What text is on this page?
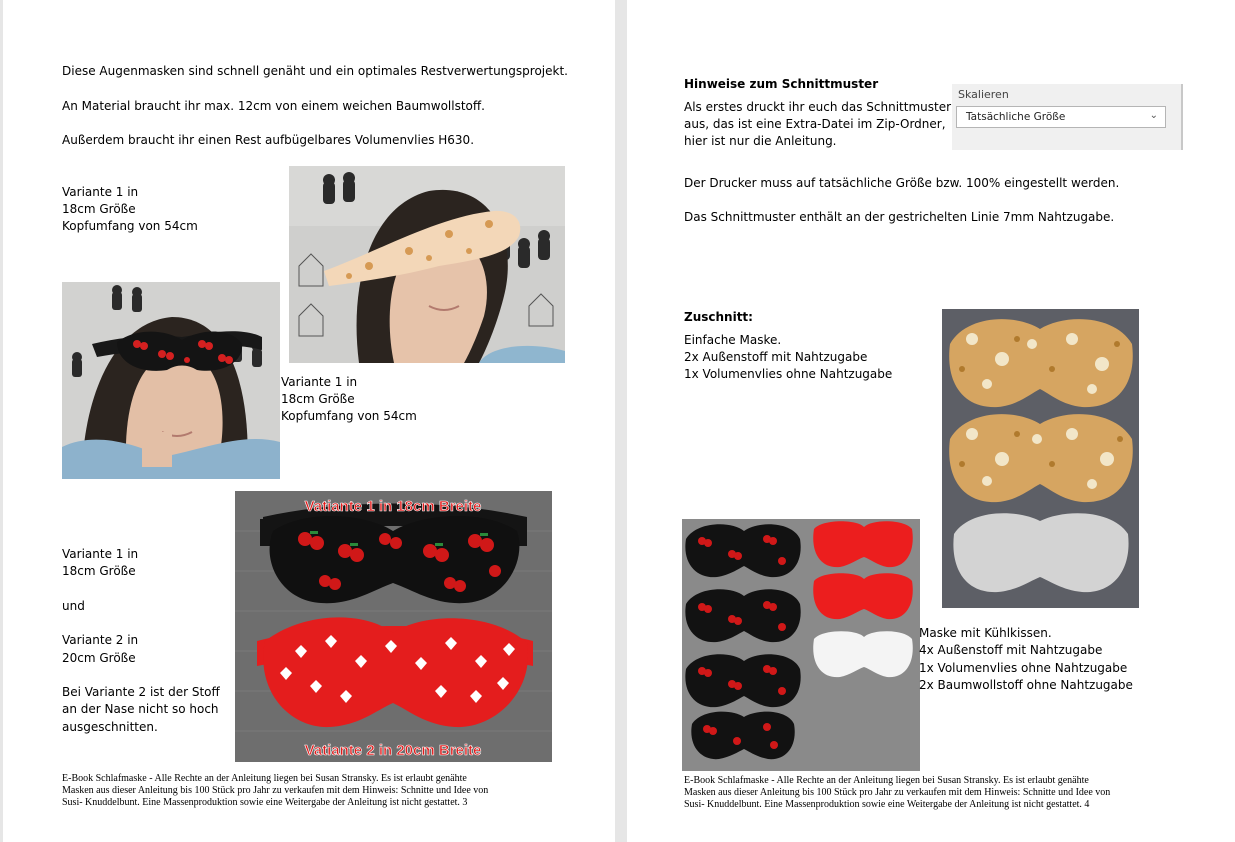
Diese Augenmasken sind schnell genäht und ein optimales Restverwertungsprojekt.
An Material braucht ihr max. 12cm von einem weichen Baumwollstoff.
Außerdem braucht ihr einen Rest aufbügelbares Volumenvlies H630.
Variante 1 in
18cm Größe
Kopfumfang von 54cm
Variante 1 in
18cm Größe
Kopfumfang von 54cm
Vatiante 1 in 18cm Breite
Vatiante 2 in 20cm Breite
Variante 1 in
18cm Größe
und
Variante 2 in
20cm Größe
Bei Variante 2 ist der Stoff
an der Nase nicht so hoch
ausgeschnitten.
E-Book Schlafmaske - Alle Rechte an der Anleitung liegen bei Susan Stransky. Es ist erlaubt genähte
Masken aus dieser Anleitung bis 100 Stück pro Jahr zu verkaufen mit dem Hinweis: Schnitte und Idee von
Susi- Knuddelbunt. Eine Massenproduktion sowie eine Weitergabe der Anleitung ist nicht gestattet. 3
Hinweise zum Schnittmuster
Als erstes druckt ihr euch das Schnittmuster
aus, das ist eine Extra-Datei im Zip-Ordner,
hier ist nur die Anleitung.
Skalieren
Tatsächliche Größe	⌄
Der Drucker muss auf tatsächliche Größe bzw. 100% eingestellt werden.
Das Schnittmuster enthält an der gestrichelten Linie 7mm Nahtzugabe.
Zuschnitt:
Einfache Maske.
2x Außenstoff mit Nahtzugabe
1x Volumenvlies ohne Nahtzugabe
Maske mit Kühlkissen.
4x Außenstoff mit Nahtzugabe
1x Volumenvlies ohne Nahtzugabe
2x Baumwollstoff ohne Nahtzugabe
E-Book Schlafmaske - Alle Rechte an der Anleitung liegen bei Susan Stransky. Es ist erlaubt genähte
Masken aus dieser Anleitung bis 100 Stück pro Jahr zu verkaufen mit dem Hinweis: Schnitte und Idee von
Susi- Knuddelbunt. Eine Massenproduktion sowie eine Weitergabe der Anleitung ist nicht gestattet. 4
